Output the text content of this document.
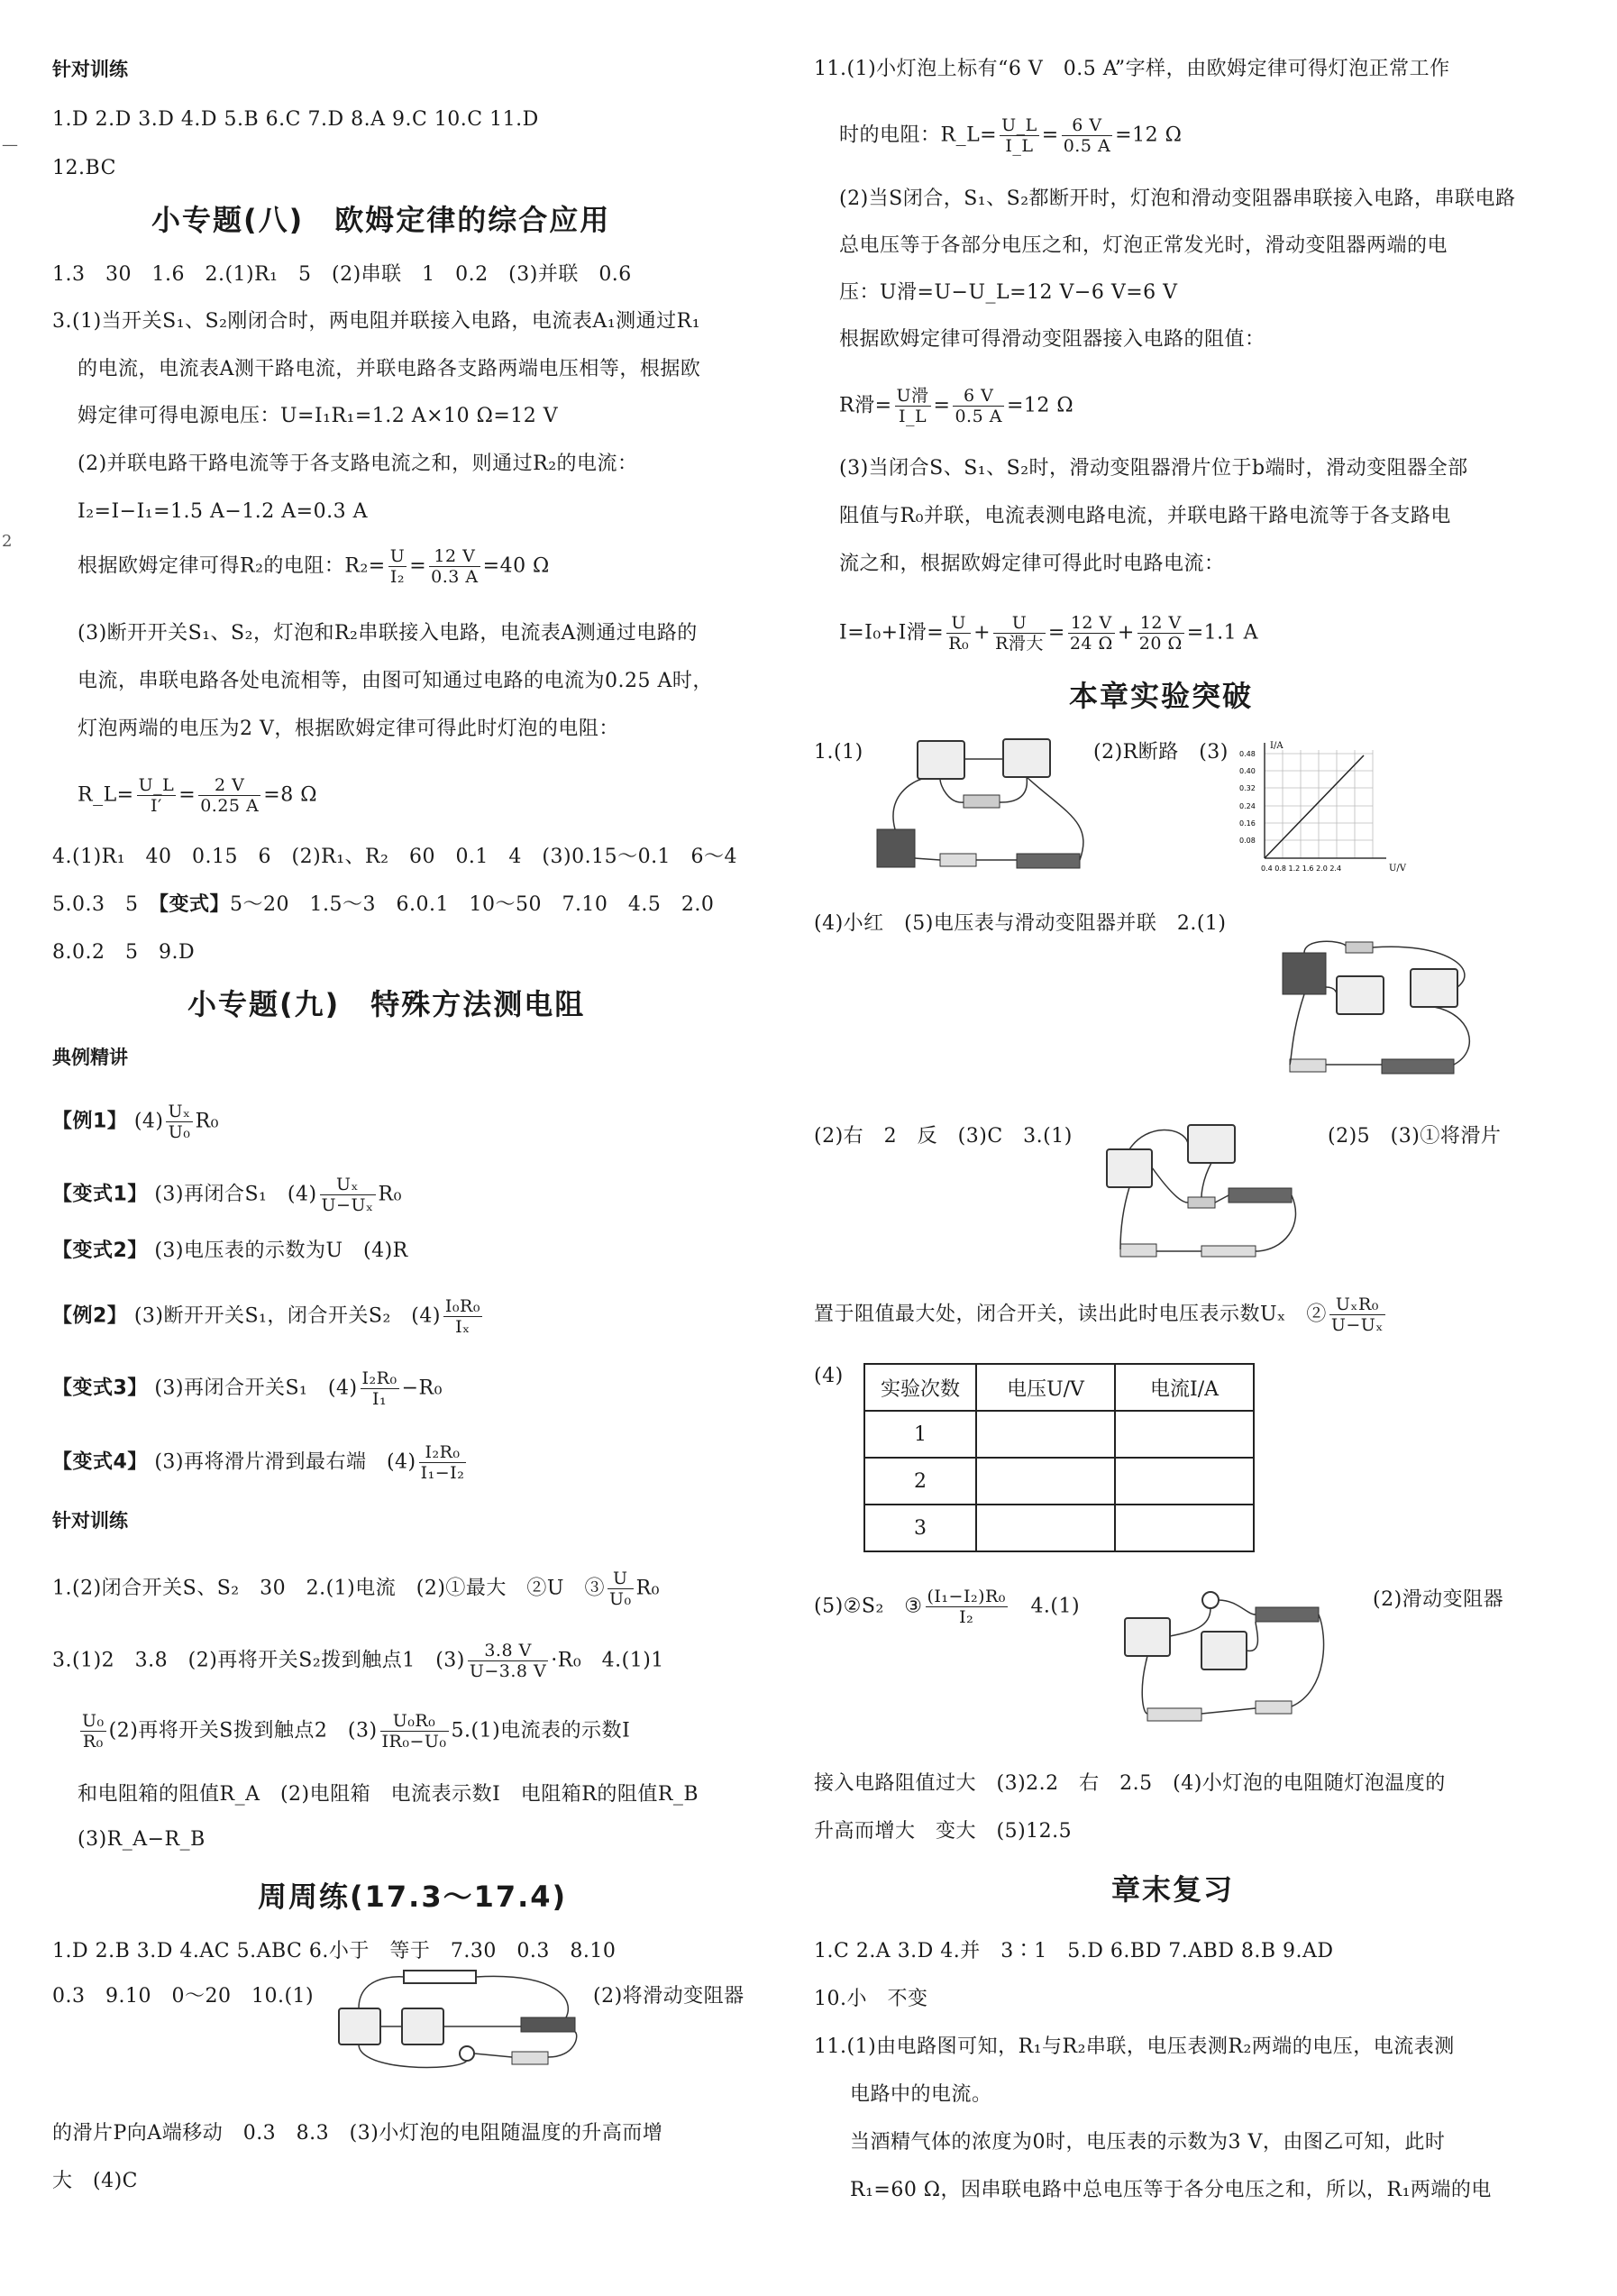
—
2
针对训练
1.D 2.D 3.D 4.D 5.B 6.C 7.D 8.A 9.C 10.C 11.D
12.BC
小专题(八)　欧姆定律的综合应用
1.3　30　1.6　2.(1)R₁　5　(2)串联　1　0.2　(3)并联　0.6
3.(1)当开关S₁、S₂刚闭合时，两电阻并联接入电路，电流表A₁测通过R₁
的电流，电流表A测干路电流，并联电路各支路两端电压相等，根据欧
姆定律可得电源电压：U=I₁R₁=1.2 A×10 Ω=12 V
(2)并联电路干路电流等于各支路电流之和，则通过R₂的电流：
I₂=I−I₁=1.5 A−1.2 A=0.3 A
根据欧姆定律可得R₂的电阻：$R_2= \frac{U}{\text{I₂}} = \frac{12 V}{0.3 A} =40$ Ω
(3)断开开关S₁、S₂，灯泡和R₂串联接入电路，电流表A测通过电路的
电流，串联电路各处电流相等，由图可知通过电路的电流为0.25 A时，
灯泡两端的电压为2 V，根据欧姆定律可得此时灯泡的电阻：
R_L= $\frac{U\_L}{I'} = \frac{2 V}{0.25 A} =8$ Ω
4.(1)R₁　40　0.15　6　(2)R₁、R₂　60　0.1　4　(3)0.15～0.1　6～4
5.0.3　5　【变式】5～20　1.5～3　6.0.1　10～50　7.10　4.5　2.0
8.0.2　5　9.D
小专题(九)　特殊方法测电阻
典例精讲
【例1】 $(4) \frac{\text{Uₓ}}{\text{U₀}} R_0$
【变式1】 (3)再闭合S₁　$(4) \frac{\text{Uₓ}}{\text{U−Uₓ}} R_0$
【变式2】 (3)电压表的示数为U　(4)R
【例2】 (3)断开开关S₁，闭合开关S₂　$(4) \frac{\text{I₀R₀}}{\text{Iₓ}}$
【变式3】 (3)再闭合开关S₁　$(4) \frac{\text{I₂R₀}}{\text{I₁}} -R_0$
【变式4】 (3)再将滑片滑到最右端　$(4) \frac{\text{I₂R₀}}{\text{I₁−I₂}}$
针对训练
1.(2)闭合开关S、S₂　30　2.(1)电流　(2)①最大　②U　③ $\frac{U}{\text{U₀}} R_0$
3.(1)2　3.8　(2)再将开关S₂拨到触点1　$(3) \frac{3.8 V}{U-3.8 V} \cdot R_0$　4.(1)1
$\frac{\text{U₀}}{\text{R₀}} (2)$再将开关S拨到触点2　$(3) \frac{\text{U₀R₀}}{\text{IR₀−U₀}} 5.(1)$电流表的示数I
和电阻箱的阻值R_A　(2)电阻箱　电流表示数I　电阻箱R的阻值R_B
(3)R_A−R_B
周周练(17.3～17.4)
1.D 2.B 3.D 4.AC 5.ABC 6.小于　等于　7.30　0.3　8.10
0.3　9.10　0～20　10.(1)	(2)将滑动变阻器
的滑片P向A端移动　0.3　8.3　(3)小灯泡的电阻随温度的升高而增
大　(4)C
11.(1)小灯泡上标有“6 V　0.5 A”字样，由欧姆定律可得灯泡正常工作
时的电阻：R_L= $\frac{U\_L}{I\_L} = \frac{6 V}{0.5 A} =12$ Ω
(2)当S闭合，S₁、S₂都断开时，灯泡和滑动变阻器串联接入电路，串联电路
总电压等于各部分电压之和，灯泡正常发光时，滑动变阻器两端的电
压：U滑=U−U_L=12 V−6 V=6 V
根据欧姆定律可得滑动变阻器接入电路的阻值：
R滑= U滑
I_L = $\frac{6 V}{0.5 A} =12$ Ω
(3)当闭合S、S₁、S₂时，滑动变阻器滑片位于b端时，滑动变阻器全部
阻值与R₀并联，电流表测电路电流，并联电路干路电流等于各支路电
流之和，根据欧姆定律可得此时电路电流：
I=I₀+I滑= $\frac{U}{\text{R₀}}$ +	U
R滑大 = $\frac{12 V}{24 \Omega} + \frac{12 V}{20 \Omega} =1.1$ A
本章实验突破
1.(1)	(2)R断路　(3)	I/A
U/V
0.48
0.40
0.32
0.24
0.16
0.08
0.4 0.8 1.2 1.6 2.0 2.4
(4)小红　(5)电压表与滑动变阻器并联　2.(1)
(2)右　2　反　(3)C　3.(1)	(2)5　(3)①将滑片
置于阻值最大处，闭合开关，读出此时电压表示数Uₓ　② UₓR₀
U−Uₓ
(4)
实验次数	电压U/V	电流I/A
1		
2		
3		
(5)②S₂　③ $\frac{\text{(I₁−I₂)R₀}}{\text{I₂}}$
　 4.(1)	(2)滑动变阻器
接入电路阻值过大　(3)2.2　右　2.5　(4)小灯泡的电阻随灯泡温度的
升高而增大　变大　(5)12.5
章末复习
1.C 2.A 3.D 4.并　3∶1　5.D 6.BD 7.ABD 8.B 9.AD
10.小　不变
11.(1)由电路图可知，R₁与R₂串联，电压表测R₂两端的电压，电流表测
电路中的电流。
当酒精气体的浓度为0时，电压表的示数为3 V，由图乙可知，此时
R₁=60 Ω，因串联电路中总电压等于各分电压之和，所以，R₁两端的电
